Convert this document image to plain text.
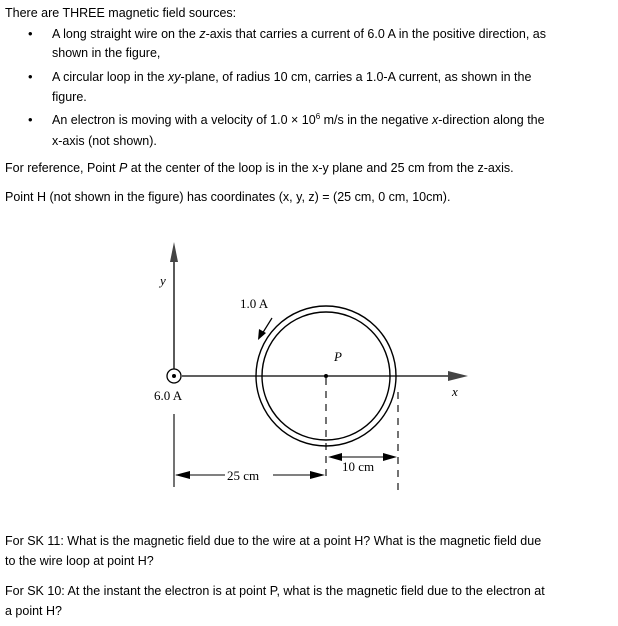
There are THREE magnetic field sources:
• A long straight wire on the z-axis that carries a current of 6.0 A in the positive direction, as
shown in the figure,
• A circular loop in the xy-plane, of radius 10 cm, carries a 1.0-A current, as shown in the
figure.
• An electron is moving with a velocity of $1.0 \times 10^6$ m/s in the negative x-direction along the
x-axis (not shown).
For reference, Point P at the center of the loop is in the x-y plane and 25 cm from the z-axis.
Point H (not shown in the figure) has coordinates (x, y, z) = (25 cm, 0 cm, 10cm).
y
x
6.0 A
1.0 A
P
25 cm
10 cm
For SK 11: What is the magnetic field due to the wire at a point H? What is the magnetic field due
to the wire loop at point H?
For SK 10: At the instant the electron is at point P, what is the magnetic field due to the electron at
a point H?
